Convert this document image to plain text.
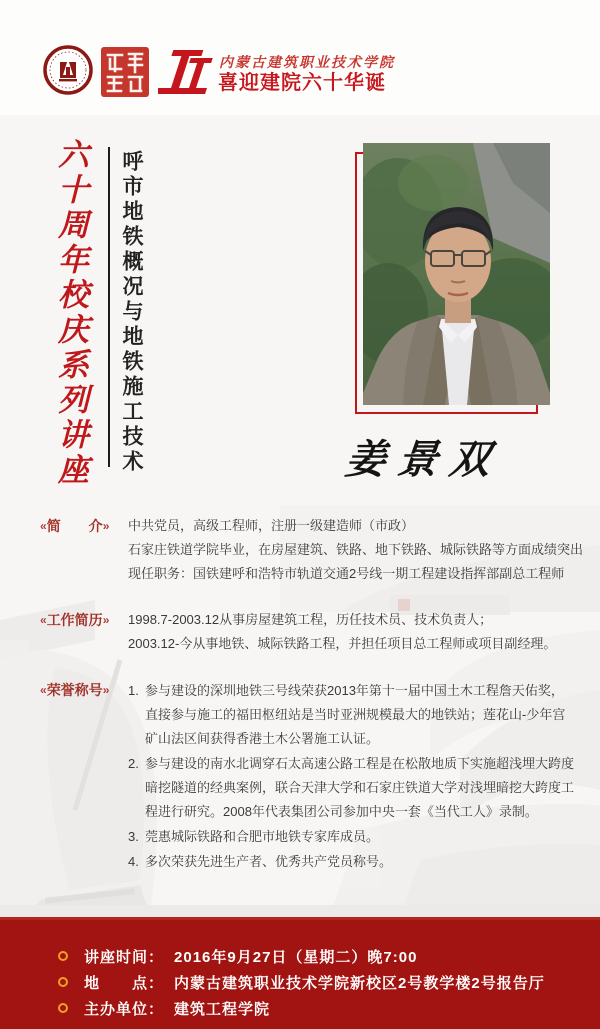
内蒙古建筑职业技术学院
喜迎建院六十华诞
六十周年校庆系列讲座 呼市地铁概况与地铁施工技术	姜景双
«简　　介»	中共党员，高级工程师，注册一级建造师（市政）
石家庄铁道学院毕业，在房屋建筑、铁路、地下铁路、城际铁路等方面成绩突出
现任职务：国铁建呼和浩特市轨道交通2号线一期工程建设指挥部副总工程师
«工作简历»	1998.7-2003.12从事房屋建筑工程，历任技术员、技术负责人；
2003.12-今从事地铁、城际铁路工程，并担任项目总工程师或项目副经理。
«荣誉称号»	1. 参与建设的深圳地铁三号线荣获2013年第十一届中国土木工程詹天佑奖，
直接参与施工的福田枢纽站是当时亚洲规模最大的地铁站；莲花山-少年宫
矿山法区间获得香港土木公署施工认证。
2. 参与建设的南水北调穿石太高速公路工程是在松散地质下实施超浅埋大跨度
暗挖隧道的经典案例，联合天津大学和石家庄铁道大学对浅埋暗挖大跨度工
程进行研究。2008年代表集团公司参加中央一套《当代工人》录制。
3. 莞惠城际铁路和合肥市地铁专家库成员。
4. 多次荣获先进生产者、优秀共产党员称号。
讲座时间： 2016年9月27日（星期二）晚7:00
地　　点： 内蒙古建筑职业技术学院新校区2号教学楼2号报告厅
主办单位： 建筑工程学院
